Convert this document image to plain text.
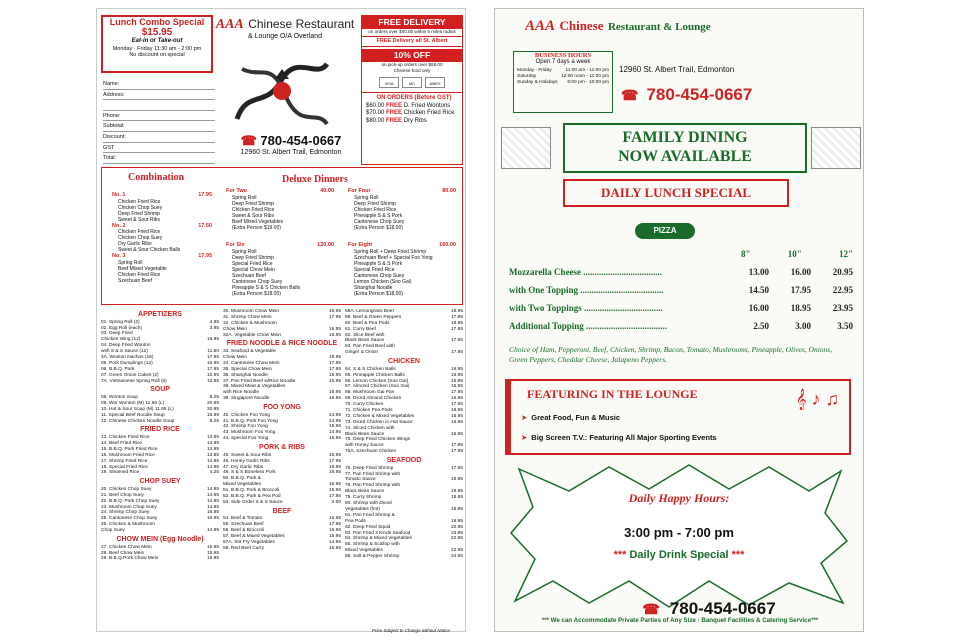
Lunch Combo Special
$15.95
Eat-in or Take-out
Monday · Friday 11:30 am - 2:00 pm
No discount on special
Name:
Address:
Phone:
Subtotal:
Discount:
GST
Total:
AAA Chinese Restaurant
& Lounge O/A Overland
☎ 780-454-0667
12960 St. Albert Trail, Edmonton
FREE DELIVERY
on orders over $40.00 within 5 miles radius
FREE Delivery all St. Albert
10% OFF
on pick-up orders over $55.00
Chinese food only
VISA	MC	AMEX
ON ORDERS (Before GST)
$60.00 FREE D. Fried Wontons
$70.00 FREE Chicken Fried Rice
$80.00 FREE Dry Ribs
Combination	Deluxe Dinners
No. 1	17.95
Chicken Fried Rice
Chicken Chop Suey
Deep Fried Shrimp
Sweet & Sour Ribs
No. 2	17.50
Chicken Fried Rice
Chicken Chop Suey
Dry Garlic Ribs
Sweet & Sour Chicken Balls
No. 3	17.95
Spring Roll
Beef Mixed Vegetable
Chicken Fried Rice
Szechuan Beef
For Two	40.00
Spring Roll
Deep Fried Shrimp
Chicken Fried Rice
Sweet & Sour Ribs
Beef Mixed Vegetables
(Extra Person $19.00)
For Six	120.00
Spring Roll
Deep Fried Shrimp
Special Fried Rice
Special Chow Mein
Szechuan Beef
Cantonese Chop Suey
Pineapple S & S Chicken Balls
(Extra Person $18.00)
For Four	80.00
Spring Roll
Deep Fried Shrimp
Chicken Fried Rice
Pineapple S & S Pork
Cantonese Chop Suey
(Extra Person $18.00)
For Eight	160.00
Spring Roll + Deep Fried Shrimp
Szechuan Beef + Special Foo Yong
Pineapple S & S Pork
Special Fried Rice
Cantonese Chop Suey
Lemon Chicken (Soo Gai)
Shanghai Noodle
(Extra Person $18.00)
APPETIZERS
01. Spring Roll (2)	4.95
02. Egg Roll (each)	3.95
03. Deep Fried
Chicken Wing (12)	15.95
04. Deep Fried Wonton
with S & S Sauce (12)	11.50
4A. Wonton Nachos (16)	17.95
05. Pork Dumplings (12)	16.95
06. B.B.Q. Pork	17.95
07. Green Onion Cakes (2)	10.95
7A. Vietnamese Spring Roll (6)	12.95
SOUP
08. Wonton Soup	8.25
09. Wor Wonton (M) 11.95 (L)	20.95
10. Hot & Sour Soup (M) 11.95 (L)	20.95
11. Special Beef Noodle Soup	15.99
12. Chinese Chicken Noodle Soup	8.25
FRIED RICE
13. Chicken Fried Rice	13.95
14. Beef Fried Rice	13.95
15. B.B.Q. Pork Fried Rice	13.95
16. Mushroom Fried Rice	13.95
17. Shrimp Fried Rice	14.95
18. Special Fried Rice	14.95
19. Steamed Rice	4.25
CHOP SUEY
20. Chicken Chop Suey	14.95
21. Beef Chop Suey	14.95
22. B.B.Q. Pork Chop Suey	14.95
23. Mushroom Chop Suey	14.95
24. Shrimp Chop Suey	16.95
25. Cantonese Chop Suey	16.95
26. Chicken & Mushroom
Chop Suey	14.95
CHOW MEIN (Egg Noodle)
27. Chicken Chow Mein	15.95
28. Beef Chow Mein	15.95
29. B.B.Q.Pork Chow Mein	15.95
30. Mushroom Chow Mein	16.95
31. Shrimp Chow Mein	17.95
32. Chicken & Mushroom
Chow Mein	16.95
32A. Vegetable Chow Mein	16.95
FRIED NOODLE & RICE NOODLE
33. Seafood & Vegetable
Chow Mein	19.95
34. Cantonese Chow Mein	17.95
35. Special Chow Mein	17.95
36. Shanghai Noodle	15.95
37. Pan Fried Beef w/Rice Noodle	15.95
38. Mixed Meat & Vegetables
with Rice Noodle	16.95
39. Singapore Noodle	16.95
FOO YONG
40. Chicken Foo Yong	14.95
41. B.B.Q. Pork Foo Yong	14.95
42. Shrimp Foo Yong	15.95
43. Mushroom Foo Yong	14.95
44. Special Foo Yong	15.95
PORK & RIBS
45. Sweet & Sour Ribs	16.95
46. Honey Garlic Ribs	17.95
47. Dry Garlic Ribs	16.95
48. S & S Boneless Pork	16.95
50. B.B.Q. Pork &
Mixed Vegetables	16.95
51. B.B.Q. Pork & Broccoli	15.95
52. B.B.Q. Pork & Pea Pod	17.95
53. Side Order S & S Sauce	2.00
BEEF
54. Beef & Tomato	16.95
55. Szechuan Beef	17.95
56. Beef & Broccoli	15.95
57. Beef & Mixed Vegetables	15.95
57A. Stir Fry Vegetables	14.95
58. Red Beef Curry	15.99
58A. Lemongrass Beef	18.95
59. Beef & Green Peppers	17.95
60. Beef & Pea Pods	18.95
61. Curry Beef	17.95
62. Slice Beef with
Black Bean Sauce	17.95
63. Pan Fried Beef with
Ginger & Onion	17.95
CHICKEN
64. S & S Chicken Balls	16.95
65. Pineapple Chicken Balls	16.95
66. Lemon Chicken (Soo Gai)	16.95
67. Almond Chicken (Soo Gai)	16.95
68. Mushroom Gai Pan	17.95
69. Diced Almond Chicken	16.95
70. Curry Chicken	17.95
71. Chicken Pea Pods	18.95
72. Chicken & Mixed Vegetables	16.95
73. Diced Chicken in Hot Sauce	16.95
74. Sliced Chicken with
Black Bean Sauce	16.95
75. Deep Fried Chicken Wings
with Honey Sauce	17.95
75A. Szechuan Chicken	17.95
SEAFOOD
76. Deep Fried Shrimp	17.95
77. Pan Fried Shrimp with
Tomato Sauce	18.95
78. Pan Fried Shrimp with
Black Bean Sauce	19.95
79. Curry Shrimp	18.95
80. Shrimp with Diced
Vegetables (hot)	18.95
81. Pan Fried Shrimp &
Pea Pods	19.95
82. Deep Fried Squid	20.95
83. Pan Fried 3 Kinds Seafood	23.95
84. Shrimp & Mixed Vegetables	22.95
85. Shrimp & Scallop with
Mixed Vegetables	22.95
86. Salt & Pepper Shrimp	24.95
AAA Chinese Restaurant & Lounge
BUSINESS HOURS
Open 7 days a week
Monday · Friday	11:00 am - 11:00 pm
Saturday	12:00 noon - 11:00 pm
Sunday & Holidays 6:00 pm - 10:00 pm
12960 St. Albert Trail, Edmonton
☎ 780-454-0667
FAMILY DINING
NOW AVAILABLE
DAILY LUNCH SPECIAL
PIZZA
8"	10"	12"
Mozzarella Cheese ...................................	13.00	16.00	20.95
with One Topping .....................................	14.50	17.95	22.95
with Two Toppings ...................................	16.00	18.95	23.95
Additional Topping ....................................	2.50	3.00	3.50
Choice of Ham, Pepperoni, Beef, Chicken, Shrimp, Bacon, Tomato, Mushrooms, Pineapple, Olives, Onions, Green Peppers, Cheddar Cheese, Jalapeno Peppers.
FEATURING IN THE LOUNGE
➤ Great Food, Fun & Music
➤ Big Screen T.V.: Featuring All Major Sporting Events
𝄞 ♪ ♫
Daily Happy Hours:
3:00 pm - 7:00 pm
*** Daily Drink Special ***
*** We can Accommodate Private Parties of Any Size · Banquet Facilities & Catering Service***
☎ 780-454-0667
Price Subject to Change without Notice
